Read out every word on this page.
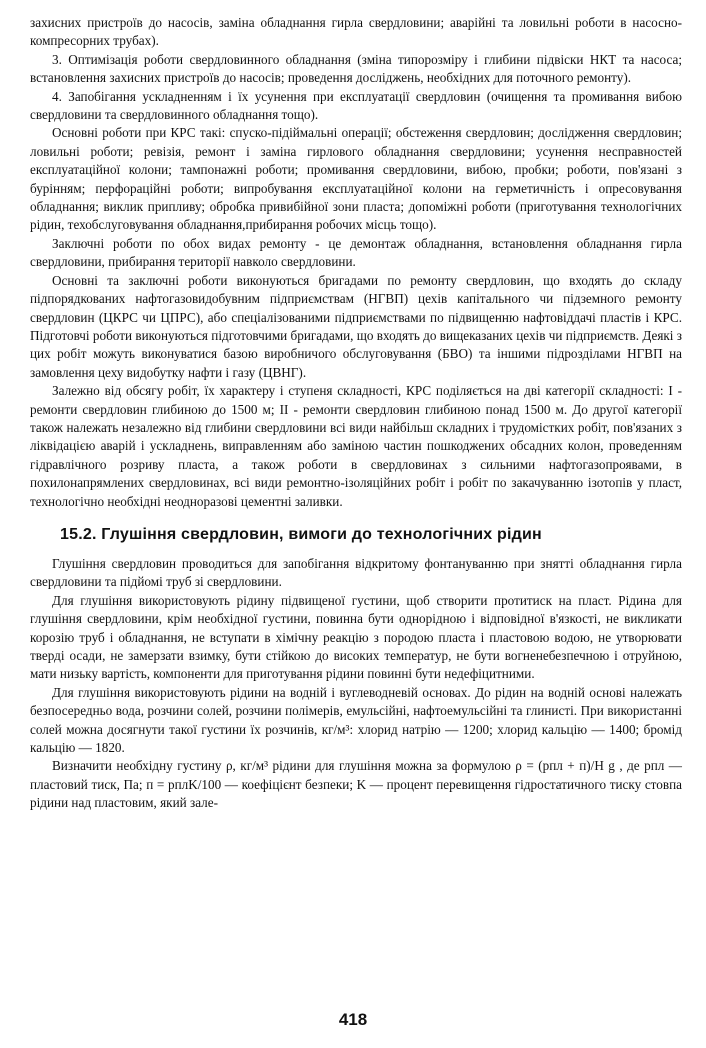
захисних пристроїв до насосів, заміна обладнання гирла свердловини; аварійні та ловильні роботи в насосно-компресорних трубах).

3. Оптимізація роботи свердловинного обладнання (зміна типорозміру і глибини підвіски НКТ та насоса; встановлення захисних пристроїв до насосів; проведення досліджень, необхідних для поточного ремонту).

4. Запобігання ускладненням і їх усунення при експлуатації свердловин (очищення та промивання вибою свердловини та свердловинного обладнання тощо).

Основні роботи при КРС такі: спуско-підіймальні операції; обстеження свердловин; дослідження свердловин; ловильні роботи; ревізія, ремонт і заміна гирлового обладнання свердловини; усунення несправностей експлуатаційної колони; тампонажні роботи; промивання свердловини, вибою, пробки; роботи, пов'язані з бурінням; перфораційні роботи; випробування експлуатаційної колони на герметичність і опресовування обладнання; виклик припливу; обробка привибійної зони пласта; допоміжні роботи (приготування технологічних рідин, техобслуговування обладнання,прибирання робочих місць тощо).

Заключні роботи по обох видах ремонту - це демонтаж обладнання, встановлення обладнання гирла свердловини, прибирання території навколо свердловини.

Основні та заключні роботи виконуються бригадами по ремонту свердловин, що входять до складу підпорядкованих нафтогазовидобувним підприємствам (НГВП) цехів капітального чи підземного ремонту свердловин (ЦКРС чи ЦПРС), або спеціалізованими підприємствами по підвищенню нафтовіддачі пластів і КРС. Підготовчі роботи виконуються підготовчими бригадами, що входять до вищеказаних цехів чи підприємств. Деякі з цих робіт можуть виконуватися базою виробничого обслуговування (БВО) та іншими підрозділами НГВП на замовлення цеху видобутку нафти і газу (ЦВНГ).

Залежно від обсягу робіт, їх характеру і ступеня складності, КРС поділяється на дві категорії складності: І - ремонти свердловин глибиною до 1500 м; II - ремонти свердловин глибиною понад 1500 м. До другої категорії також належать незалежно від глибини свердловини всі види найбільш складних і трудомістких робіт, пов'язаних з ліквідацією аварій і ускладнень, виправленням або заміною частин пошкоджених обсадних колон, проведенням гідравлічного розриву пласта, а також роботи в свердловинах з сильними нафтогазопроявами, в похилонапрямлених свердловинах, всі види ремонтно-ізоляційних робіт і робіт по закачуванню ізотопів у пласт, технологічно необхідні неодноразові цементні заливки.

15.2. Глушіння свердловин, вимоги до технологічних рідин

Глушіння свердловин проводиться для запобігання відкритому фонтануванню при знятті обладнання гирла свердловини та підйомі труб зі свердловини.

Для глушіння використовують рідину підвищеної густини, щоб створити протитиск на пласт. Рідина для глушіння свердловини, крім необхідної густини, повинна бути однорідною і відповідної в'язкості, не викликати корозію труб і обладнання, не вступати в хімічну реакцію з породою пласта і пластовою водою, не утворювати тверді осади, не замерзати взимку, бути стійкою до високих температур, не бути вогненебезпечною і отруйною, мати низьку вартість, компоненти для приготування рідини повинні бути недефіцитними.

Для глушіння використовують рідини на водній і вуглеводневій основах. До рідин на водній основі належать безпосередньо вода, розчини солей, розчини полімерів, емульсійні, нафтоемульсійні та глинисті. При використанні солей можна досягнути такої густини їх розчинів, кг/м³: хлорид натрію — 1200; хлорид кальцію — 1400; бромід кальцію — 1820.

Визначити необхідну густину ρ, кг/м³ рідини для глушіння можна за формулою ρ = (pпл + п)/H g , де pпл — пластовий тиск, Па; п = pплK/100 — коефіцієнт безпеки; K — процент перевищення гідростатичного тиску стовпа рідини над пластовим, який зале-

418
